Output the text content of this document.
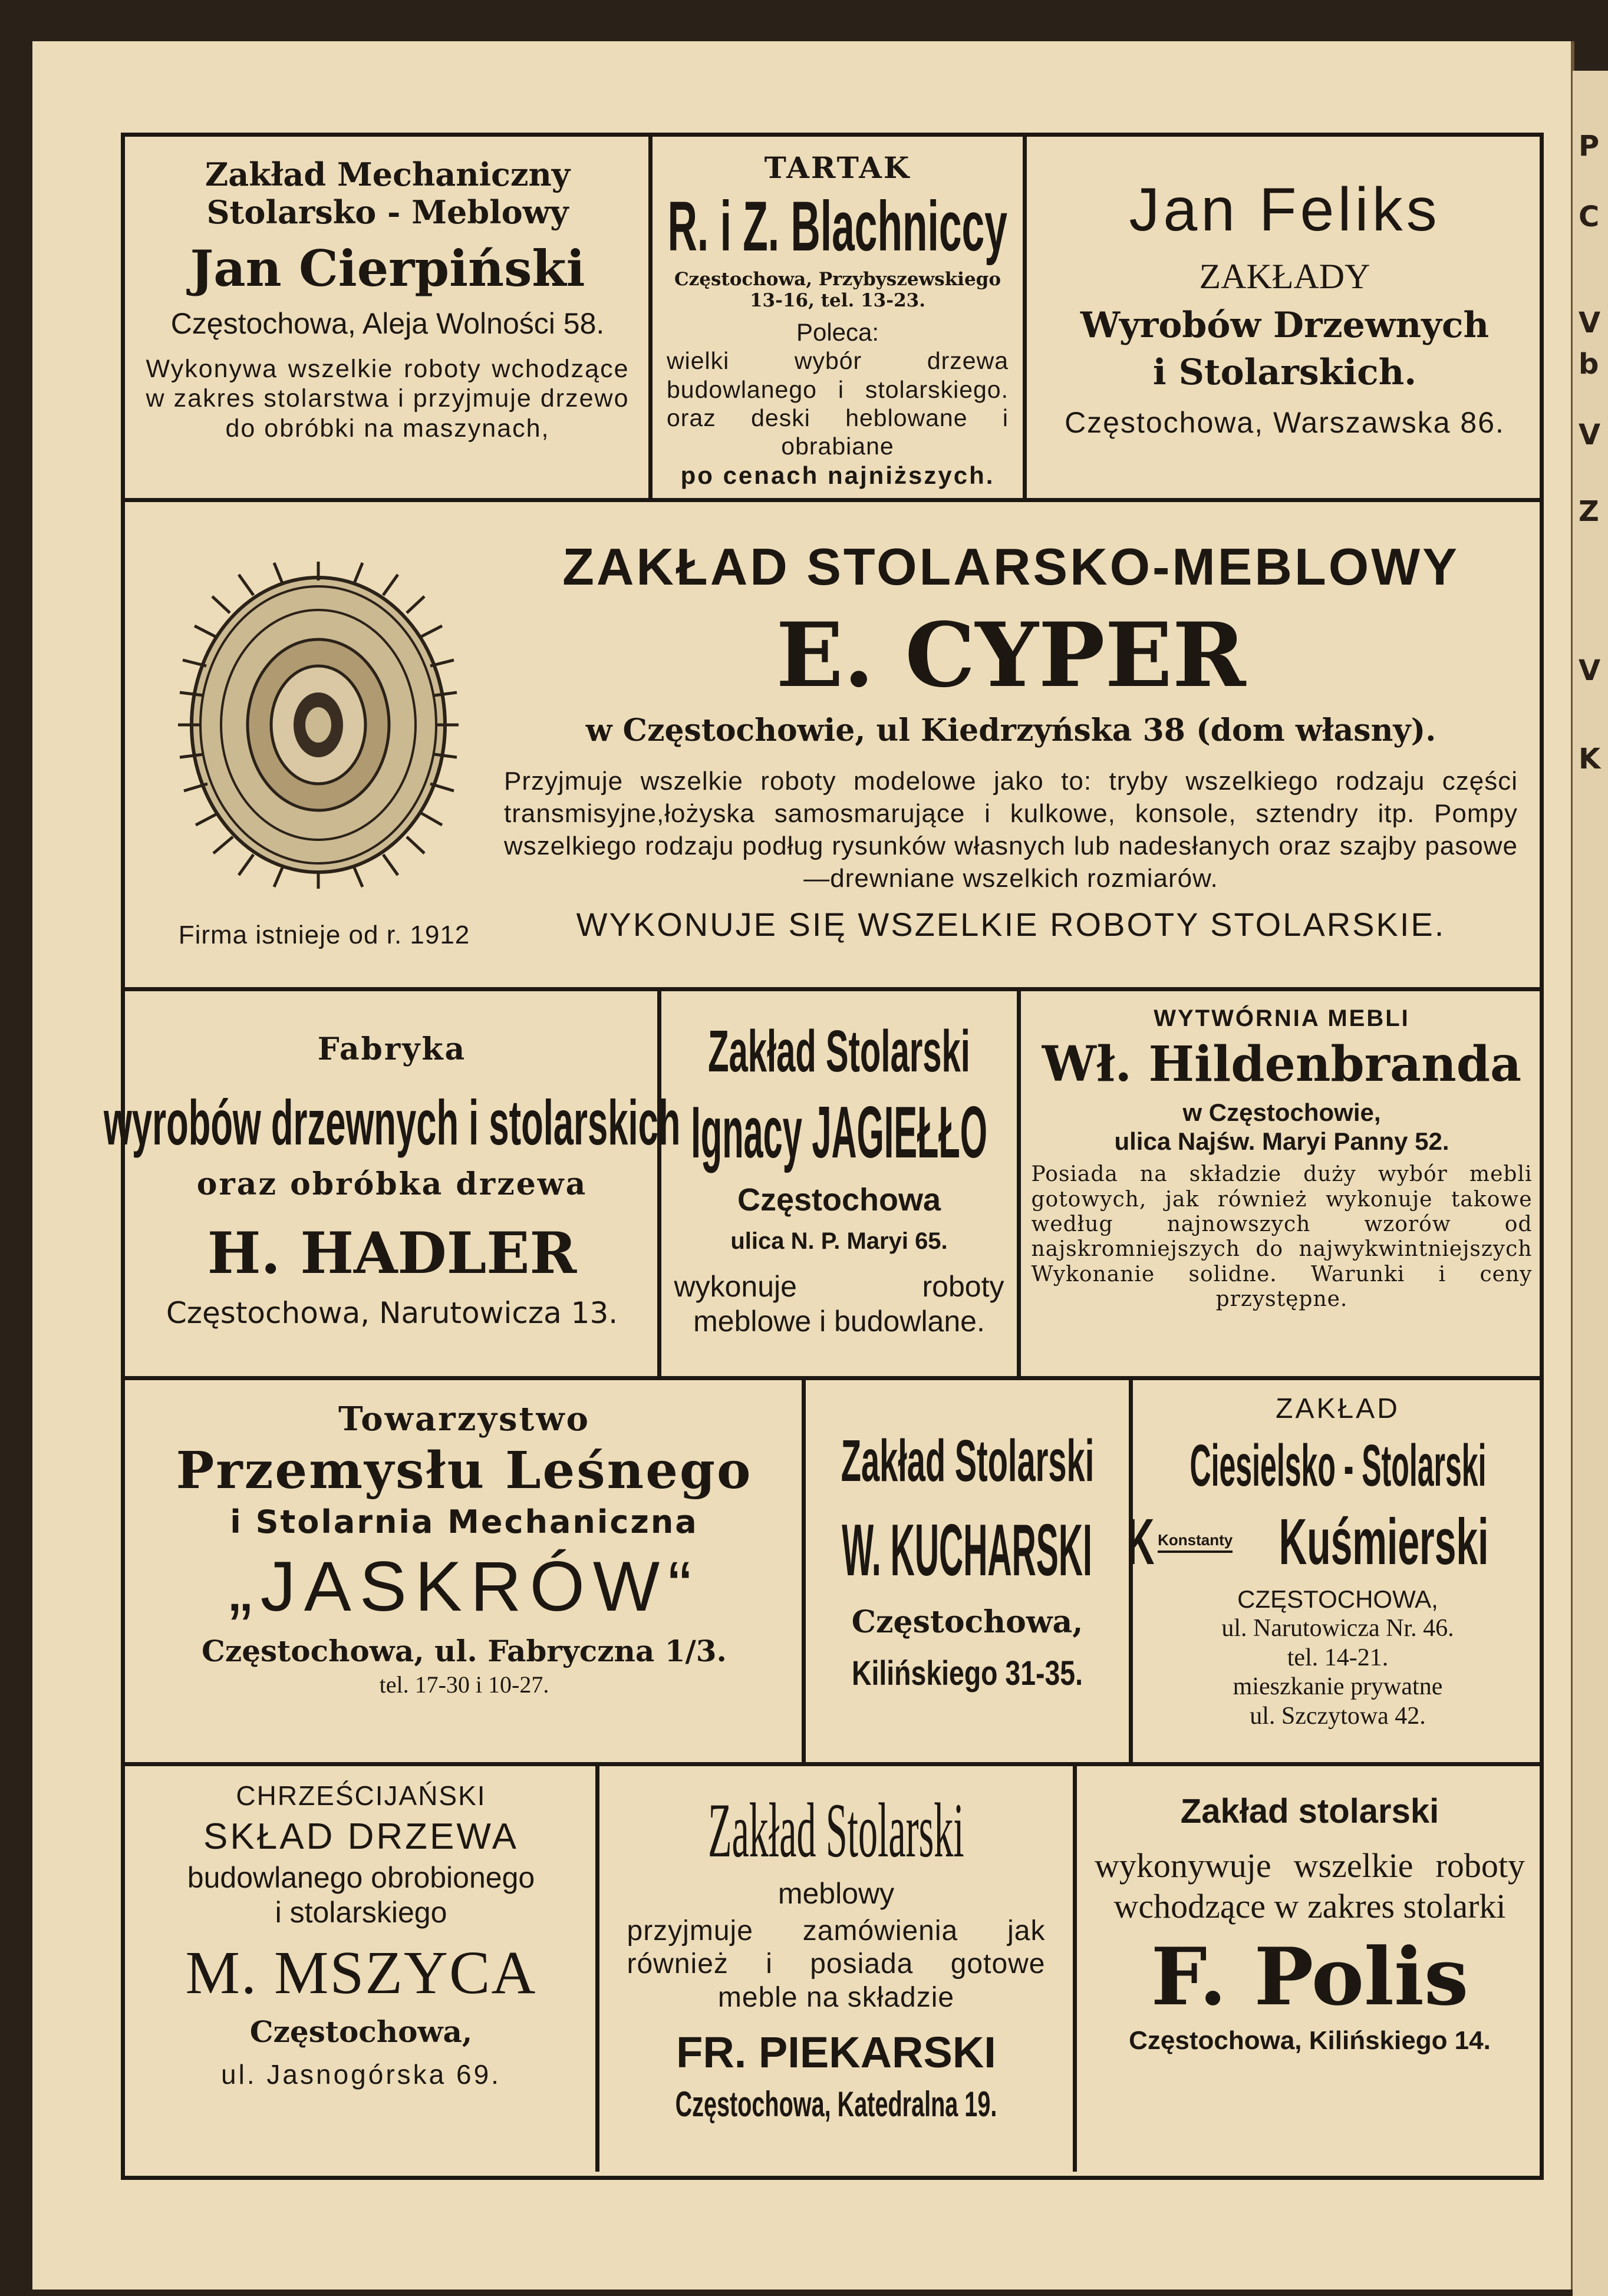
P
C
V
b
V
Z
V
K
Zakład Mechaniczny
Stolarsko - Meblowy
Jan Cierpiński
Częstochowa, Aleja Wolności 58.
Wykonywa wszelkie roboty wchodzące w zakres stolarstwa i przyjmuje drzewo do obróbki na maszynach,
TARTAK
R. i Z. Blachniccy
Częstochowa, Przybyszewskiego 13-16, tel. 13-23.
Poleca:
wielki wybór drzewa budowlanego i stolarskiego. oraz deski heblowane i obrabiane
po cenach najniższych.
Jan Feliks
ZAKŁADY
Wyrobów Drzewnych
i Stolarskich.
Częstochowa, Warszawska 86.
Firma istnieje od r. 1912
ZAKŁAD STOLARSKO-MEBLOWY
E. CYPER
w Częstochowie, ul Kiedrzyńska 38 (dom własny).
Przyjmuje wszelkie roboty modelowe jako to: tryby wszelkiego rodzaju części transmisyjne,łożyska samosmarujące i kulkowe, konsole, sztendry itp. Pompy wszelkiego rodzaju podług rysunków własnych lub nadesłanych oraz szajby pasowe—drewniane wszelkich rozmiarów.
WYKONUJE SIĘ WSZELKIE ROBOTY STOLARSKIE.
Fabryka
wyrobów drzewnych i stolarskich
oraz obróbka drzewa
H. HADLER
Częstochowa, Narutowicza 13.
Zakład Stolarski
Ignacy JAGIEŁŁO
Częstochowa
ulica N. P. Maryi 65.
wykonuje roboty meblowe i budowlane.
WYTWÓRNIA MEBLI
Wł. Hildenbranda
w Częstochowie,
ulica Najśw. Maryi Panny 52.
Posiada na składzie duży wybór mebli gotowych, jak również wykonuje takowe według najnowszych wzorów od najskromniejszych do najwykwintniejszych Wykonanie solidne. Warunki i ceny przystępne.
Towarzystwo
Przemysłu Leśnego
i Stolarnia Mechaniczna
„JASKRÓW“
Częstochowa, ul. Fabryczna 1/3.
tel. 17-30 i 10-27.
Zakład Stolarski
W. KUCHARSKI
Częstochowa,
Kilińskiego 31-35.
ZAKŁAD
Ciesielsko - Stolarski
K Konstanty Kuśmierski
CZĘSTOCHOWA,
ul. Narutowicza Nr. 46.
tel. 14-21.
mieszkanie prywatne
ul. Szczytowa 42.
CHRZEŚCIJAŃSKI
SKŁAD DRZEWA
budowlanego obrobionego
i stolarskiego
M. MSZYCA
Częstochowa,
ul. Jasnogórska 69.
Zakład Stolarski
meblowy
przyjmuje zamówienia jak również i posiada gotowe meble na składzie
FR. PIEKARSKI
Częstochowa, Katedralna 19.
Zakład stolarski
wykonywuje wszelkie roboty wchodzące w zakres stolarki
F. Polis
Częstochowa, Kilińskiego 14.
